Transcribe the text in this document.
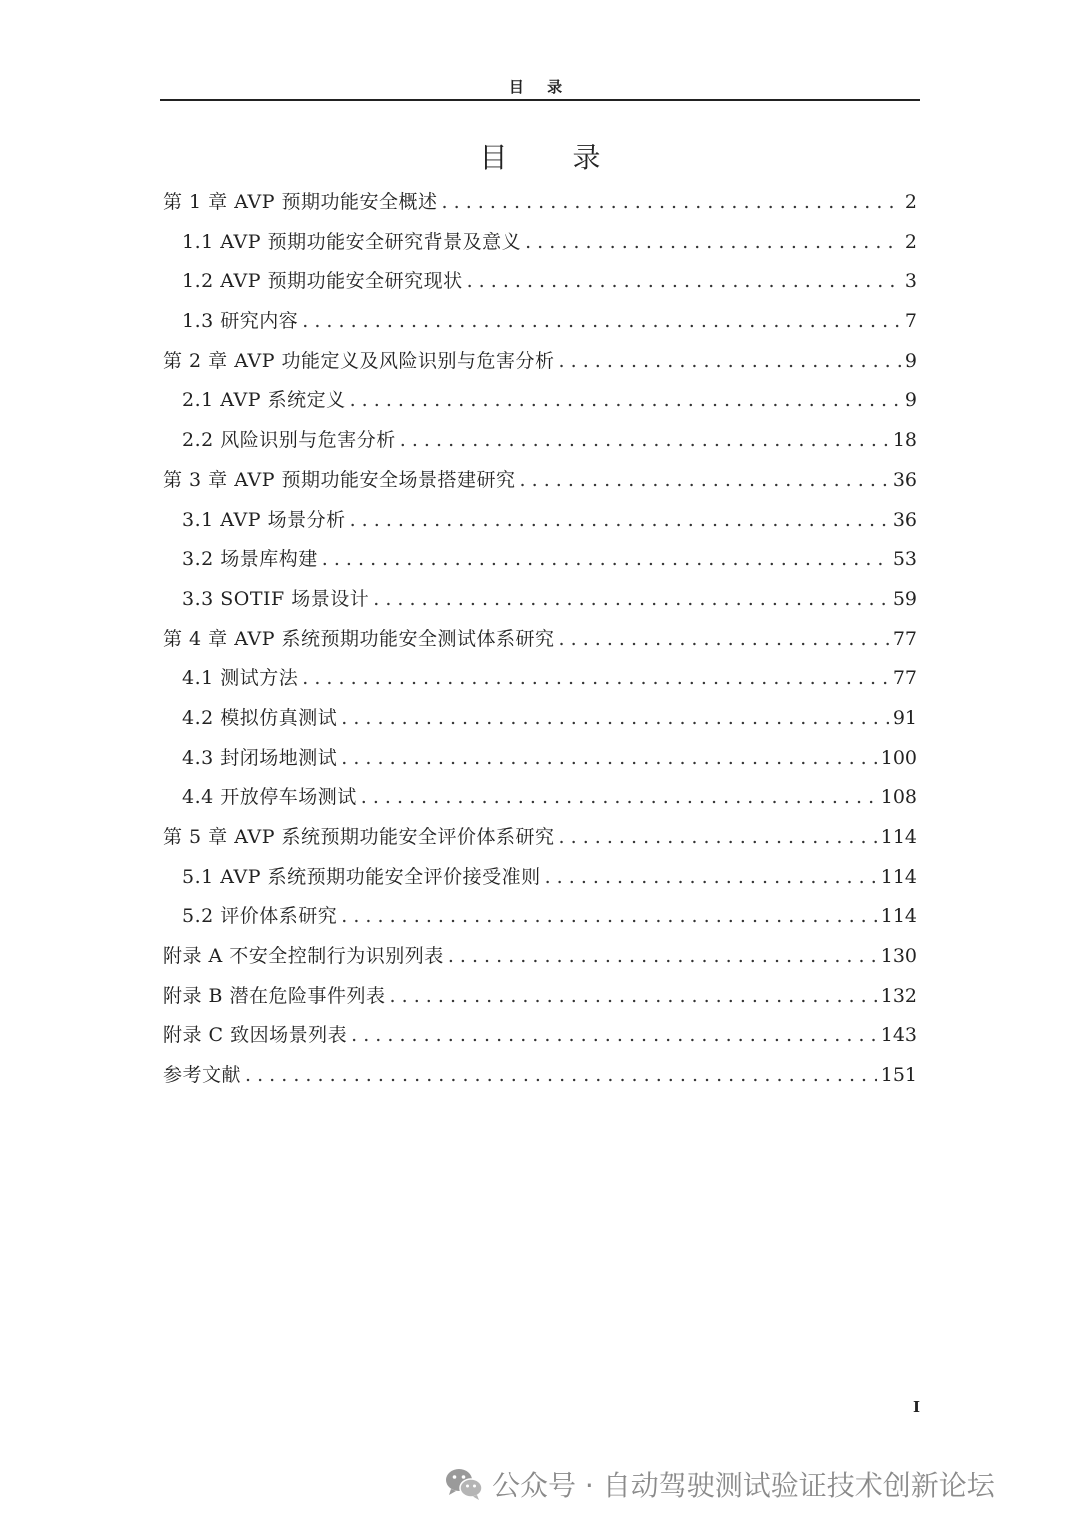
目 录
目 录
第 1 章 AVP 预期功能安全概述 . . .	2
1.1 AVP 预期功能安全研究背景及意义 . . .	2
1.2 AVP 预期功能安全研究现状 . . .	3
1.3 研究内容 . . .	7
第 2 章 AVP 功能定义及风险识别与危害分析 . . .	9
2.1 AVP 系统定义 . . .	9
2.2 风险识别与危害分析 . . .	18
第 3 章 AVP 预期功能安全场景搭建研究 . . .	36
3.1 AVP 场景分析 . . .	36
3.2 场景库构建 . . .	53
3.3 SOTIF 场景设计 . . .	59
第 4 章 AVP 系统预期功能安全测试体系研究 . . .	77
4.1 测试方法 . . .	77
4.2 模拟仿真测试 . . .	91
4.3 封闭场地测试 . . .	100
4.4 开放停车场测试 . . .	108
第 5 章 AVP 系统预期功能安全评价体系研究 . . .	114
5.1 AVP 系统预期功能安全评价接受准则 . . .	114
5.2 评价体系研究 . . .	114
附录 A 不安全控制行为识别列表 . . .	130
附录 B 潜在危险事件列表 . . .	132
附录 C 致因场景列表 . . .	143
参考文献 . . .	151
I
公众号 · 自动驾驶测试验证技术创新论坛
